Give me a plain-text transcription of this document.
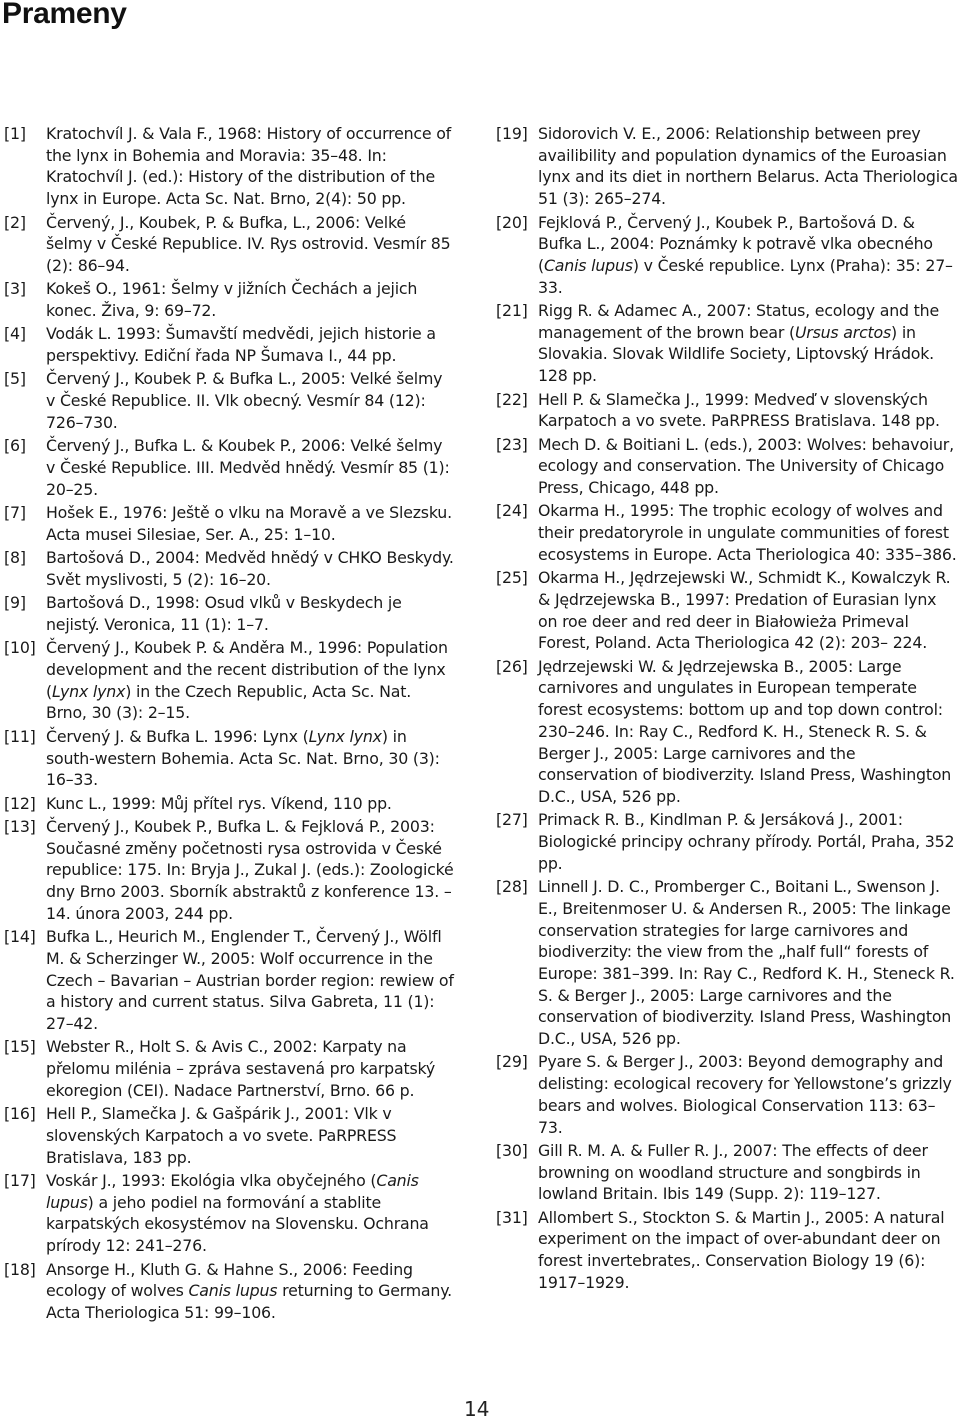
Prameny
[1]	Kratochvíl J. & Vala F., 1968: History of occurrence of the lynx in Bohemia and Moravia: 35–48. In: Kratochvíl J. (ed.): History of the distribution of the lynx in Europe. Acta Sc. Nat. Brno, 2(4): 50 pp.
[2]	Červený, J., Koubek, P. & Bufka, L., 2006: Velké šelmy v České Republice. IV. Rys ostrovid. Vesmír 85 (2): 86–94.
[3]	Kokeš O., 1961: Šelmy v jižních Čechách a jejich konec. Živa, 9: 69–72.
[4]	Vodák L. 1993: Šumavští medvědi, jejich historie a perspektivy. Ediční řada NP Šumava I., 44 pp.
[5]	Červený J., Koubek P. & Bufka L., 2005: Velké šelmy v České Republice. II. Vlk obecný. Vesmír 84 (12): 726–730.
[6]	Červený J., Bufka L. & Koubek P., 2006: Velké šelmy v České Republice. III. Medvěd hnědý. Vesmír 85 (1): 20–25.
[7]	Hošek E., 1976: Ještě o vlku na Moravě a ve Slezsku. Acta musei Silesiae, Ser. A., 25: 1–10.
[8]	Bartošová D., 2004: Medvěd hnědý v CHKO Beskydy. Svět myslivosti, 5 (2): 16–20.
[9]	Bartošová D., 1998: Osud vlků v Beskydech je nejistý. Veronica, 11 (1): 1–7.
[10] Červený J., Koubek P. & Anděra M., 1996: Population development and the recent distribution of the lynx (Lynx lynx) in the Czech Republic, Acta Sc. Nat. Brno, 30 (3): 2–15.
[11] Červený J. & Bufka L. 1996: Lynx (Lynx lynx) in south-western Bohemia. Acta Sc. Nat. Brno, 30 (3): 16–33.
[12] Kunc L., 1999: Můj přítel rys. Víkend, 110 pp.
[13] Červený J., Koubek P., Bufka L. & Fejklová P., 2003: Současné změny početnosti rysa ostrovida v České republice: 175. In: Bryja J., Zukal J. (eds.): Zoologické dny Brno 2003. Sborník abstraktů z konference 13. – 14. února 2003, 244 pp.
[14] Bufka L., Heurich M., Englender T., Červený J., Wölfl M. & Scherzinger W., 2005: Wolf occurrence in the Czech – Bavarian – Austrian border region: rewiew of a history and current status. Silva Gabreta, 11 (1): 27–42.
[15] Webster R., Holt S. & Avis C., 2002: Karpaty na přelomu milénia – zpráva sestavená pro karpatský ekoregion (CEI). Nadace Partnerství, Brno. 66 p.
[16] Hell P., Slamečka J. & Gašpárik J., 2001: Vlk v slovenských Karpatoch a vo svete. PaRPRESS Bratislava, 183 pp.
[17] Voskár J., 1993: Ekológia vlka obyčejného (Canis lupus) a jeho podiel na formování a stablite karpatských ekosystémov na Slovensku. Ochrana prírody 12: 241–276.
[18] Ansorge H., Kluth G. & Hahne S., 2006: Feeding ecology of wolves Canis lupus returning to Germany. Acta Theriologica 51: 99–106.
[19] Sidorovich V. E., 2006: Relationship between prey availibility and population dynamics of the Euroasian lynx and its diet in northern Belarus. Acta Theriologica 51 (3): 265–274.
[20] Fejklová P., Červený J., Koubek P., Bartošová D. & Bufka L., 2004: Poznámky k potravě vlka obecného (Canis lupus) v České republice. Lynx (Praha): 35: 27–33.
[21] Rigg R. & Adamec A., 2007: Status, ecology and the management of the brown bear (Ursus arctos) in Slovakia. Slovak Wildlife Society, Liptovský Hrádok. 128 pp.
[22] Hell P. & Slamečka J., 1999: Medveď v slovenských Karpatoch a vo svete. PaRPRESS Bratislava. 148 pp.
[23] Mech D. & Boitiani L. (eds.), 2003: Wolves: behavoiur, ecology and conservation. The University of Chicago Press, Chicago, 448 pp.
[24] Okarma H., 1995: The trophic ecology of wolves and their predatoryrole in ungulate communities of forest ecosystems in Europe. Acta Theriologica 40: 335–386.
[25] Okarma H., Jędrzejewski W., Schmidt K., Kowalczyk R. & Jędrzejewska B., 1997: Predation of Eurasian lynx on roe deer and red deer in Białowieża Primeval Forest, Poland. Acta Theriologica 42 (2): 203– 224.
[26] Jędrzejewski W. & Jędrzejewska B., 2005: Large carnivores and ungulates in European temperate forest ecosystems: bottom up and top down control: 230–246. In: Ray C., Redford K. H., Steneck R. S. & Berger J., 2005: Large carnivores and the conservation of biodiverzity. Island Press, Washington D.C., USA, 526 pp.
[27] Primack R. B., Kindlman P. & Jersáková J., 2001: Biologické principy ochrany přírody. Portál, Praha, 352 pp.
[28] Linnell J. D. C., Promberger C., Boitani L., Swenson J. E., Breitenmoser U. & Andersen R., 2005: The linkage conservation strategies for large carnivores and biodiverzity: the view from the „half full“ forests of Europe: 381–399. In: Ray C., Redford K. H., Steneck R. S. & Berger J., 2005: Large carnivores and the conservation of biodiverzity. Island Press, Washington D.C., USA, 526 pp.
[29] Pyare S. & Berger J., 2003: Beyond demography and delisting: ecological recovery for Yellowstone’s grizzly bears and wolves. Biological Conservation 113: 63–73.
[30] Gill R. M. A. & Fuller R. J., 2007: The effects of deer browning on woodland structure and songbirds in lowland Britain. Ibis 149 (Supp. 2): 119–127.
[31] Allombert S., Stockton S. & Martin J., 2005: A natural experiment on the impact of over-abundant deer on forest invertebrates,. Conservation Biology 19 (6): 1917–1929.

14
